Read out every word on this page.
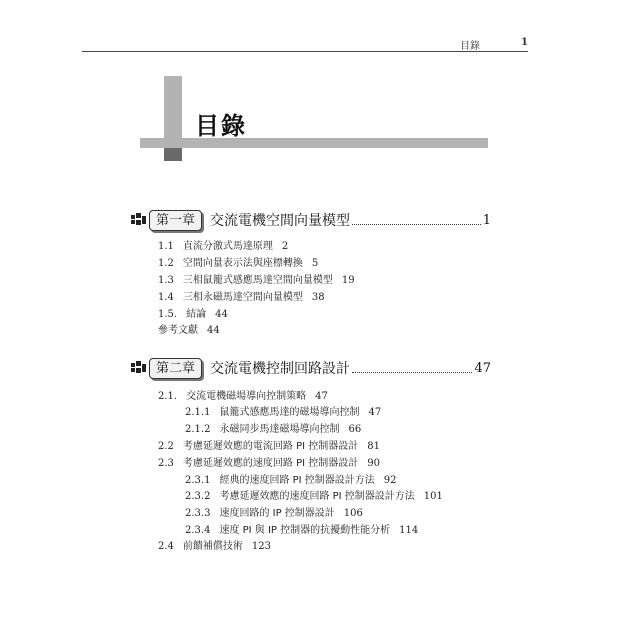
目錄	1
目錄
第一章	交流電機空間向量模型	1
1.1 直流分激式馬達原理 2
1.2 空間向量表示法與座標轉換 5
1.3 三相鼠籠式感應馬達空間向量模型 19
1.4 三相永磁馬達空間向量模型 38
1.5. 結論 44
參考文獻 44
第二章	交流電機控制回路設計	47
2.1. 交流電機磁場導向控制策略 47
2.1.1 鼠籠式感應馬達的磁場導向控制 47
2.1.2 永磁同步馬達磁場導向控制 66
2.2 考慮延遲效應的電流回路 PI 控制器設計 81
2.3 考慮延遲效應的速度回路 PI 控制器設計 90
2.3.1 經典的速度回路 PI 控制器設計方法 92
2.3.2 考慮延遲效應的速度回路 PI 控制器設計方法 101
2.3.3 速度回路的 IP 控制器設計 106
2.3.4 速度 PI 與 IP 控制器的抗擾動性能分析 114
2.4 前饋補償技術 123
